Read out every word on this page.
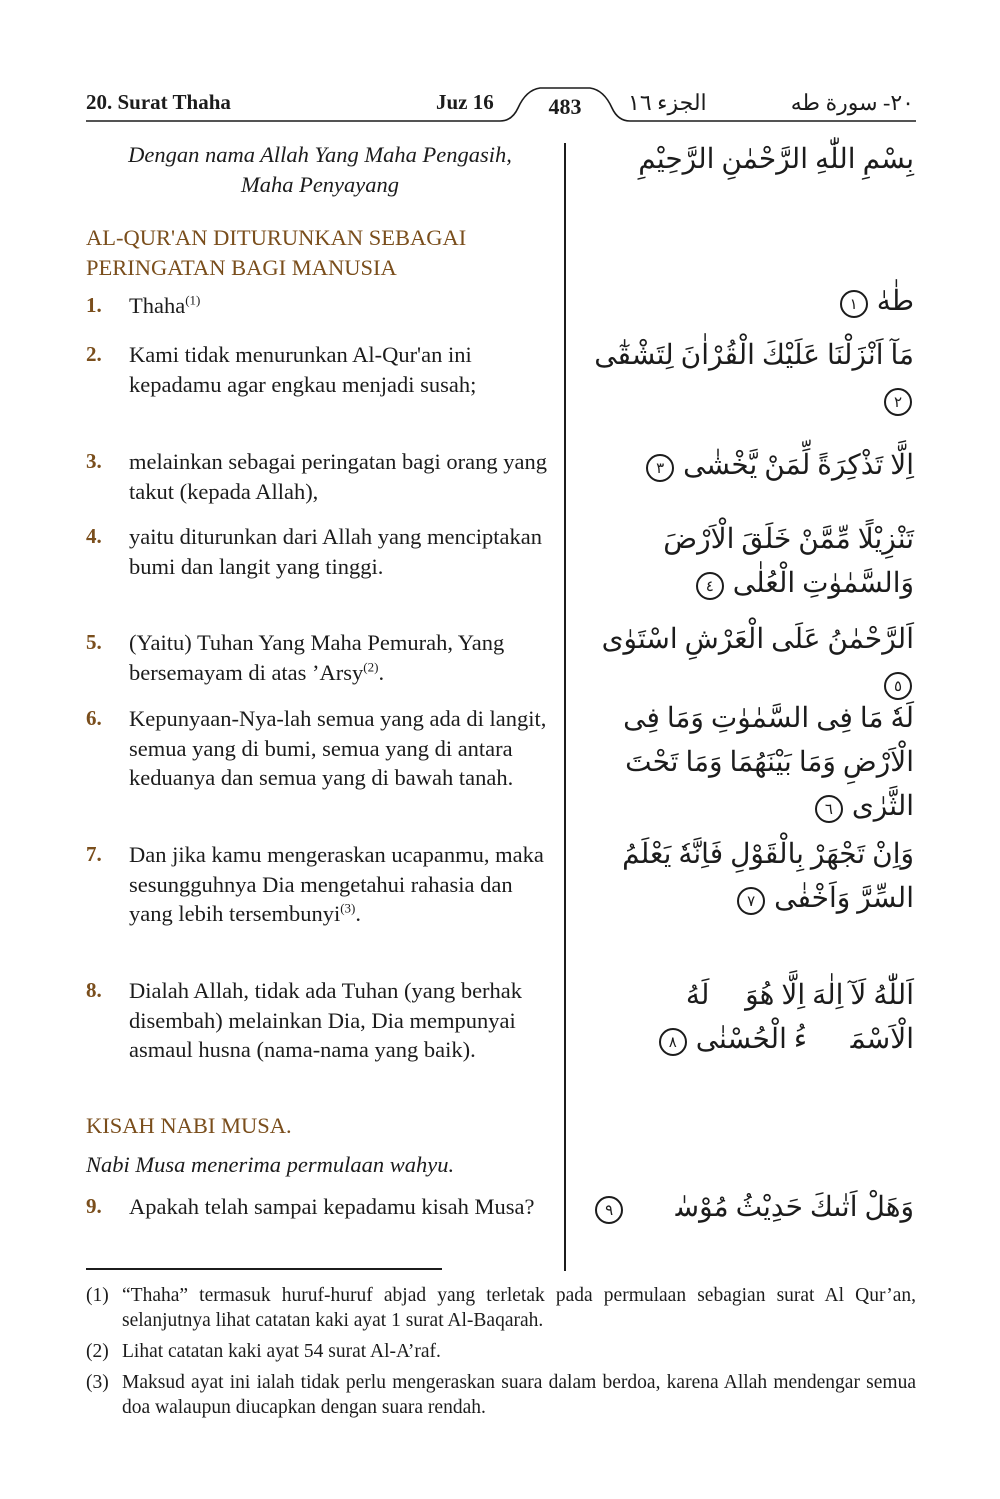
20. Surat Thaha	Juz 16	483	الجزء ١٦	٢٠- سورة طه
Dengan nama Allah Yang Maha Pengasih, Maha Penyayang
بِسْمِ اللّٰهِ الرَّحْمٰنِ الرَّحِيْمِ
AL-QUR'AN DITURUNKAN SEBAGAI PERINGATAN BAGI MANUSIA
1. Thaha$^{(1)}$	طٰهٰ ١
2. Kami tidak menurunkan Al-Qur'an ini kepadamu agar engkau menjadi susah;
مَآ اَنْزَلْنَا عَلَيْكَ الْقُرْاٰنَ لِتَشْقٰٓى ٢
3. melainkan sebagai peringatan bagi orang yang takut (kepada Allah),
اِلَّا تَذْكِرَةً لِّمَنْ يَّخْشٰى ٣
4. yaitu diturunkan dari Allah yang menciptakan bumi dan langit yang tinggi.
تَنْزِيْلًا مِّمَّنْ خَلَقَ الْاَرْضَ وَالسَّمٰوٰتِ الْعُلٰى ٤
5. (Yaitu) Tuhan Yang Maha Pemurah, Yang bersemayam di atas ’Arsy$^{(2)}$.
اَلرَّحْمٰنُ عَلَى الْعَرْشِ اسْتَوٰى ٥
6. Kepunyaan-Nya-lah semua yang ada di langit, semua yang di bumi, semua yang di antara keduanya dan semua yang di bawah tanah.
لَهٗ مَا فِى السَّمٰوٰتِ وَمَا فِى الْاَرْضِ وَمَا بَيْنَهُمَا وَمَا تَحْتَ الثَّرٰى ٦
7. Dan jika kamu mengeraskan ucapanmu, maka sesungguhnya Dia mengetahui rahasia dan yang lebih tersembunyi$^{(3)}$.
وَاِنْ تَجْهَرْ بِالْقَوْلِ فَاِنَّهٗ يَعْلَمُ السِّرَّ وَاَخْفٰى ٧
8. Dialah Allah, tidak ada Tuhan (yang berhak disembah) melainkan Dia, Dia mempunyai asmaul husna (nama-nama yang baik).
اَللّٰهُ لَآ اِلٰهَ اِلَّا هُوَ ۗ لَهُ الْاَسْمَاۤءُ الْحُسْنٰى ٨
KISAH NABI MUSA.
Nabi Musa menerima permulaan wahyu.
9. Apakah telah sampai kepadamu kisah Musa?	وَهَلْ اَتٰىكَ حَدِيْثُ مُوْسٰىۘ ٩
(1) “Thaha” termasuk huruf-huruf abjad yang terletak pada permulaan sebagian surat Al Qur’an, selanjutnya lihat catatan kaki ayat 1 surat Al-Baqarah.
(2) Lihat catatan kaki ayat 54 surat Al-A’raf.
(3) Maksud ayat ini ialah tidak perlu mengeraskan suara dalam berdoa, karena Allah mendengar semua doa walaupun diucapkan dengan suara rendah.
